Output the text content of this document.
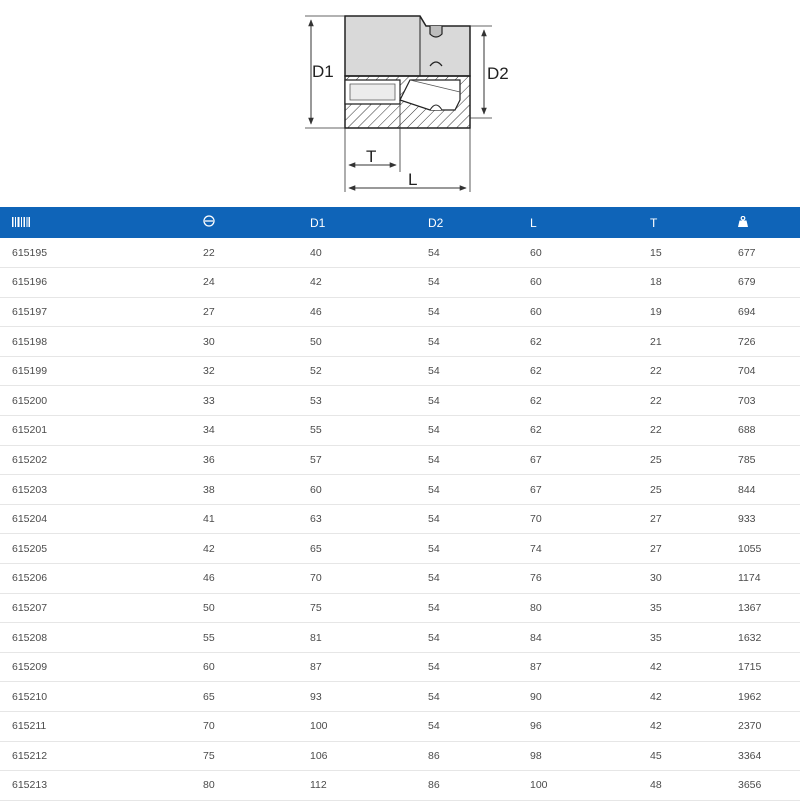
D1	D2
T
L
		D1	D2	L	T	
615195	22	40	54	60	15	677
615196	24	42	54	60	18	679
615197	27	46	54	60	19	694
615198	30	50	54	62	21	726
615199	32	52	54	62	22	704
615200	33	53	54	62	22	703
615201	34	55	54	62	22	688
615202	36	57	54	67	25	785
615203	38	60	54	67	25	844
615204	41	63	54	70	27	933
615205	42	65	54	74	27	1055
615206	46	70	54	76	30	1174
615207	50	75	54	80	35	1367
615208	55	81	54	84	35	1632
615209	60	87	54	87	42	1715
615210	65	93	54	90	42	1962
615211	70	100	54	96	42	2370
615212	75	106	86	98	45	3364
615213	80	112	86	100	48	3656
